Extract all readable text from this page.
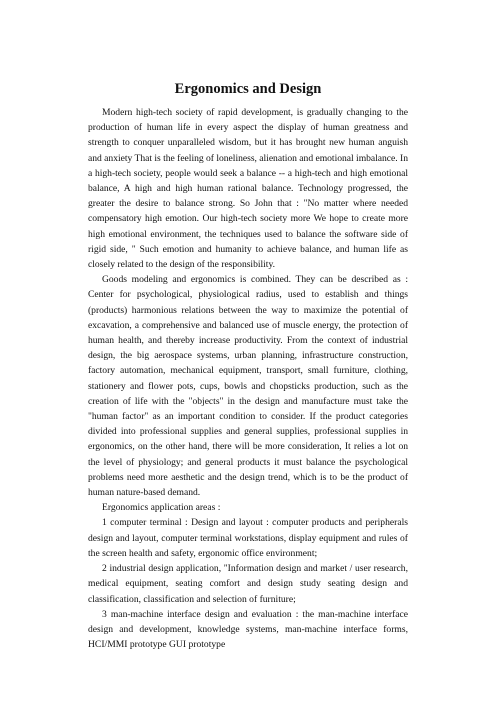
Ergonomics and Design

Modern high-tech society of rapid development, is gradually changing to the production of human life in every aspect the display of human greatness and strength to conquer unparalleled wisdom, but it has brought new human anguish and anxiety That is the feeling of loneliness, alienation and emotional imbalance. In a high-tech society, people would seek a balance -- a high-tech and high emotional balance, A high and high human rational balance. Technology progressed, the greater the desire to balance strong. So John that : "No matter where needed compensatory high emotion. Our high-tech society more We hope to create more high emotional environment, the techniques used to balance the software side of rigid side, " Such emotion and humanity to achieve balance, and human life as closely related to the design of the responsibility.

Goods modeling and ergonomics is combined. They can be described as : Center for psychological, physiological radius, used to establish and things (products) harmonious relations between the way to maximize the potential of excavation, a comprehensive and balanced use of muscle energy, the protection of human health, and thereby increase productivity. From the context of industrial design, the big aerospace systems, urban planning, infrastructure construction, factory automation, mechanical equipment, transport, small furniture, clothing, stationery and flower pots, cups, bowls and chopsticks production, such as the creation of life with the "objects" in the design and manufacture must take the "human factor" as an important condition to consider. If the product categories divided into professional supplies and general supplies, professional supplies in ergonomics, on the other hand, there will be more consideration, It relies a lot on the level of physiology; and general products it must balance the psychological problems need more aesthetic and the design trend, which is to be the product of human nature-based demand.

Ergonomics application areas :

1 computer terminal : Design and layout : computer products and peripherals design and layout, computer terminal workstations, display equipment and rules of the screen health and safety, ergonomic office environment;

2 industrial design application, "Information design and market / user research, medical equipment, seating comfort and design study seating design and classification, classification and selection of furniture;

3 man-machine interface design and evaluation : the man-machine interface design and development, knowledge systems, man-machine interface forms, HCI/MMI prototype GUI prototype
